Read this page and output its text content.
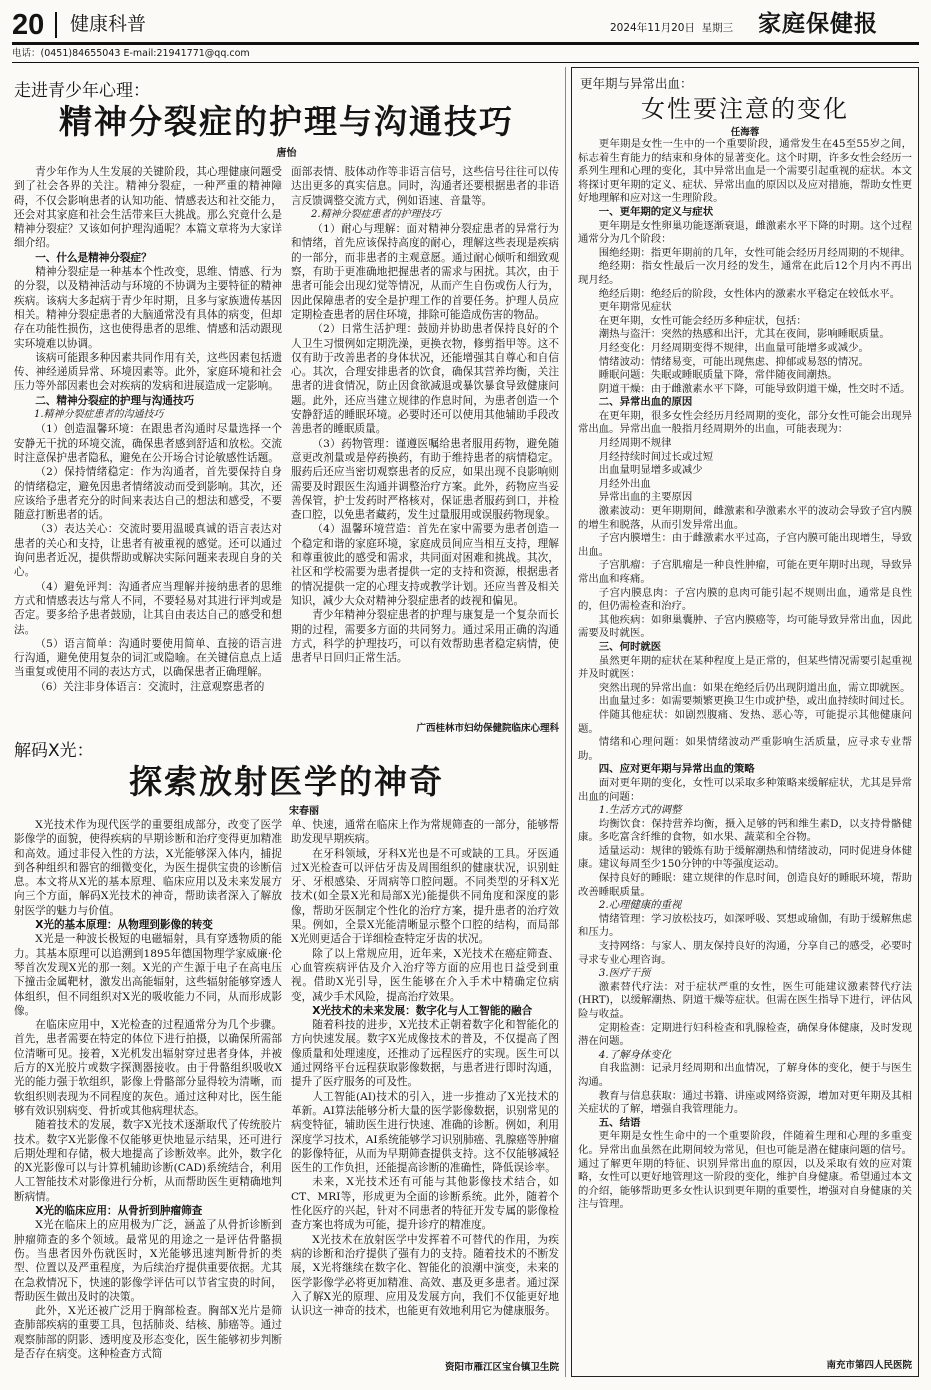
20 健康科普	2024年11月20日 星期三 家庭保健报
电话：(0451)84655043 E-mail:21941771@qq.com
走进青少年心理：
精神分裂症的护理与沟通技巧
唐怡

青少年作为人生发展的关键阶段，其心理健康问题受到了社会各界的关注。精神分裂症，一种严重的精神障碍，不仅会影响患者的认知功能、情感表达和社交能力，还会对其家庭和社会生活带来巨大挑战。那么究竟什么是精神分裂症？又该如何护理沟通呢？本篇文章将为大家详细介绍。

一、什么是精神分裂症？

精神分裂症是一种基本个性改变，思维、情感、行为的分裂，以及精神活动与环境的不协调为主要特征的精神疾病。该病大多起病于青少年时期，且多与家族遗传基因相关。精神分裂症患者的大脑通常没有具体的病变，但却存在功能性损伤，这也使得患者的思维、情感和活动跟现实环境难以协调。

该病可能跟多种因素共同作用有关，这些因素包括遗传、神经递质异常、环境因素等。此外，家庭环境和社会压力等外部因素也会对疾病的发病和进展造成一定影响。

二、精神分裂症的护理与沟通技巧

1.精神分裂症患者的沟通技巧

（1）创造温馨环境：在跟患者沟通时尽量选择一个安静无干扰的环境交流，确保患者感到舒适和放松。交流时注意保护患者隐私，避免在公开场合讨论敏感性话题。

（2）保持情绪稳定：作为沟通者，首先要保持自身的情绪稳定，避免因患者情绪波动而受到影响。其次，还应该给予患者充分的时间来表达自己的想法和感受，不要随意打断患者的话。

（3）表达关心：交流时要用温暖真诚的语言表达对患者的关心和支持，让患者有被重视的感觉。还可以通过询问患者近况，提供帮助或解决实际问题来表现自身的关心。

（4）避免评判：沟通者应当理解并接纳患者的思维方式和情感表达与常人不同，不要轻易对其进行评判或是否定。要多给予患者鼓励，让其自由表达自己的感受和想法。

（5）语言简单：沟通时要使用简单、直接的语言进行沟通，避免使用复杂的词汇或隐喻。在关键信息点上适当重复或使用不同的表达方式，以确保患者正确理解。

（6）关注非身体语言：交流时，注意观察患者的

面部表情、肢体动作等非语言信号，这些信号往往可以传达出更多的真实信息。同时，沟通者还要根据患者的非语言反馈调整交流方式，例如语速、音量等。

2.精神分裂症患者的护理技巧

（1）耐心与理解：面对精神分裂症患者的异常行为和情绪，首先应该保持高度的耐心，理解这些表现是疾病的一部分，而非患者的主观意愿。通过耐心倾听和细致观察，有助于更准确地把握患者的需求与困扰。其次，由于患者可能会出现幻觉等情况，从而产生自伤或伤人行为，因此保障患者的安全是护理工作的首要任务。护理人员应定期检查患者的居住环境，排除可能造成伤害的物品。

（2）日常生活护理：鼓励并协助患者保持良好的个人卫生习惯例如定期洗澡，更换衣物，修剪指甲等。这不仅有助于改善患者的身体状况，还能增强其自尊心和自信心。其次，合理安排患者的饮食，确保其营养均衡，关注患者的进食情况，防止因食欲减退或暴饮暴食导致健康问题。此外，还应当建立规律的作息时间，为患者创造一个安静舒适的睡眠环境。必要时还可以使用其他辅助手段改善患者的睡眠质量。

（3）药物管理：谨遵医嘱给患者服用药物，避免随意更改剂量或是停药换药，有助于维持患者的病情稳定。服药后还应当密切观察患者的反应，如果出现不良影响则需要及时跟医生沟通并调整治疗方案。此外，药物应当妥善保管，护士发药时严格核对，保证患者服药到口，并检查口腔，以免患者藏药，发生过量服用或误服药物现象。

（4）温馨环境营造：首先在家中需要为患者创造一个稳定和谐的家庭环境，家庭成员间应当相互支持，理解和尊重彼此的感受和需求，共同面对困难和挑战。其次，社区和学校需要为患者提供一定的支持和资源，根据患者的情况提供一定的心理支持或教学计划。还应当普及相关知识，减少大众对精神分裂症患者的歧视和偏见。

青少年精神分裂症患者的护理与康复是一个复杂而长期的过程，需要多方面的共同努力。通过采用正确的沟通方式，科学的护理技巧，可以有效帮助患者稳定病情，使患者早日回归正常生活。

广西桂林市妇幼保健院临床心理科
解码X光：
探索放射医学的神奇
宋春丽

X光技术作为现代医学的重要组成部分，改变了医学影像学的面貌，使得疾病的早期诊断和治疗变得更加精准和高效。通过非侵入性的方法，X光能够深入体内，捕捉到各种组织和器官的细微变化，为医生提供宝贵的诊断信息。本文将从X光的基本原理、临床应用以及未来发展方向三个方面，解码X光技术的神奇，帮助读者深入了解放射医学的魅力与价值。

X光的基本原理：从物理到影像的转变

X光是一种波长极短的电磁辐射，具有穿透物质的能力。其基本原理可以追溯到1895年德国物理学家威廉·伦琴首次发现X光的那一刻。X光的产生源于电子在高电压下撞击金属靶材，激发出高能辐射，这些辐射能够穿透人体组织，但不同组织对X光的吸收能力不同，从而形成影像。

在临床应用中，X光检查的过程通常分为几个步骤。首先，患者需要在特定的体位下进行拍摄，以确保所需部位清晰可见。接着，X光机发出辐射穿过患者身体，并被后方的X光胶片或数字探测器接收。由于骨骼组织吸收X光的能力强于软组织，影像上骨骼部分显得较为清晰，而软组织则表现为不同程度的灰色。通过这种对比，医生能够有效识别病变、骨折或其他病理状态。

随着技术的发展，数字X光技术逐渐取代了传统胶片技术。数字X光影像不仅能够更快地显示结果，还可进行后期处理和存储，极大地提高了诊断效率。此外，数字化的X光影像可以与计算机辅助诊断(CAD)系统结合，利用人工智能技术对影像进行分析，从而帮助医生更精确地判断病情。

X光的临床应用：从骨折到肿瘤筛查

X光在临床上的应用极为广泛，涵盖了从骨折诊断到肿瘤筛查的多个领域。最常见的用途之一是评估骨骼损伤。当患者因外伤就医时，X光能够迅速判断骨折的类型、位置以及严重程度，为后续治疗提供重要依据。尤其在急救情况下，快速的影像学评估可以节省宝贵的时间，帮助医生做出及时的决策。

此外，X光还被广泛用于胸部检查。胸部X光片是筛查肺部疾病的重要工具，包括肺炎、结核、肺癌等。通过观察肺部的阴影、透明度及形态变化，医生能够初步判断是否存在病变。这种检查方式简

单、快速，通常在临床上作为常规筛查的一部分，能够帮助发现早期疾病。

在牙科领域，牙科X光也是不可或缺的工具。牙医通过X光检查可以评估牙齿及周围组织的健康状况，识别蛀牙、牙根感染、牙周病等口腔问题。不同类型的牙科X光技术(如全景X光和局部X光)能提供不同角度和深度的影像，帮助牙医制定个性化的治疗方案，提升患者的治疗效果。例如，全景X光能清晰显示整个口腔的结构，而局部X光则更适合于详细检查特定牙齿的状况。

除了以上常规应用，近年来，X光技术在癌症筛查、心血管疾病评估及介入治疗等方面的应用也日益受到重视。借助X光引导，医生能够在介入手术中精确定位病变，减少手术风险，提高治疗效果。

X光技术的未来发展：数字化与人工智能的融合

随着科技的进步，X光技术正朝着数字化和智能化的方向快速发展。数字X光成像技术的普及，不仅提高了图像质量和处理速度，还推动了远程医疗的实现。医生可以通过网络平台远程获取影像数据，与患者进行即时沟通，提升了医疗服务的可及性。

人工智能(AI)技术的引入，进一步推动了X光技术的革新。AI算法能够分析大量的医学影像数据，识别常见的病变特征，辅助医生进行快速、准确的诊断。例如，利用深度学习技术，AI系统能够学习识别肺癌、乳腺癌等肿瘤的影像特征，从而为早期筛查提供支持。这不仅能够减轻医生的工作负担，还能提高诊断的准确性，降低误诊率。

未来，X光技术还有可能与其他影像技术结合，如CT、MRI等，形成更为全面的诊断系统。此外，随着个性化医疗的兴起，针对不同患者的特征开发专属的影像检查方案也将成为可能，提升诊疗的精准度。

X光技术在放射医学中发挥着不可替代的作用，为疾病的诊断和治疗提供了强有力的支持。随着技术的不断发展，X光将继续在数字化、智能化的浪潮中演变，未来的医学影像学必将更加精准、高效、惠及更多患者。通过深入了解X光的原理、应用及发展方向，我们不仅能更好地认识这一神奇的技术，也能更有效地利用它为健康服务。

资阳市雁江区宝台镇卫生院
更年期与异常出血：
女性要注意的变化
任海蓉

更年期是女性一生中的一个重要阶段，通常发生在45至55岁之间，标志着生育能力的结束和身体的显著变化。这个时期，许多女性会经历一系列生理和心理的变化，其中异常出血是一个需要引起重视的症状。本文将探讨更年期的定义、症状、异常出血的原因以及应对措施，帮助女性更好地理解和应对这一生理阶段。

一、更年期的定义与症状

更年期是女性卵巢功能逐渐衰退，雌激素水平下降的时期。这个过程通常分为几个阶段：

围绝经期：指更年期前的几年，女性可能会经历月经周期的不规律。

绝经期：指女性最后一次月经的发生，通常在此后12个月内不再出现月经。

绝经后期：绝经后的阶段，女性体内的激素水平稳定在较低水平。

更年期常见症状

在更年期，女性可能会经历多种症状，包括：

潮热与盗汗：突然的热感和出汗，尤其在夜间，影响睡眠质量。

月经变化：月经周期变得不规律，出血量可能增多或减少。

情绪波动：情绪易变，可能出现焦虑、抑郁或易怒的情况。

睡眠问题：失眠或睡眠质量下降，常伴随夜间潮热。

阴道干燥：由于雌激素水平下降，可能导致阴道干燥，性交时不适。

二、异常出血的原因

在更年期，很多女性会经历月经周期的变化，部分女性可能会出现异常出血。异常出血一般指月经周期外的出血，可能表现为：

月经周期不规律

月经持续时间过长或过短

出血量明显增多或减少

月经外出血

异常出血的主要原因

激素波动：更年期期间，雌激素和孕激素水平的波动会导致子宫内膜的增生和脱落，从而引发异常出血。

子宫内膜增生：由于雌激素水平过高，子宫内膜可能出现增生，导致出血。

子宫肌瘤：子宫肌瘤是一种良性肿瘤，可能在更年期时出现，导致异常出血和疼痛。

子宫内膜息肉：子宫内膜的息肉可能引起不规则出血，通常是良性的，但仍需检查和治疗。

其他疾病：如卵巢囊肿、子宫内膜癌等，均可能导致异常出血，因此需要及时就医。

三、何时就医

虽然更年期的症状在某种程度上是正常的，但某些情况需要引起重视并及时就医：

突然出现的异常出血：如果在绝经后仍出现阴道出血，需立即就医。

出血量过多：如需要频繁更换卫生巾或护垫，或出血持续时间过长。

伴随其他症状：如剧烈腹痛、发热、恶心等，可能提示其他健康问题。

情绪和心理问题：如果情绪波动严重影响生活质量，应寻求专业帮助。

四、应对更年期与异常出血的策略

面对更年期的变化，女性可以采取多种策略来缓解症状，尤其是异常出血的问题：

1.生活方式的调整

均衡饮食：保持营养均衡，摄入足够的钙和维生素D，以支持骨骼健康。多吃富含纤维的食物，如水果、蔬菜和全谷物。

适量运动：规律的锻炼有助于缓解潮热和情绪波动，同时促进身体健康。建议每周至少150分钟的中等强度运动。

保持良好的睡眠：建立规律的作息时间，创造良好的睡眠环境，帮助改善睡眠质量。

2.心理健康的重视

情绪管理：学习放松技巧，如深呼吸、冥想或瑜伽，有助于缓解焦虑和压力。

支持网络：与家人、朋友保持良好的沟通，分享自己的感受，必要时寻求专业心理咨询。

3.医疗干预

激素替代疗法：对于症状严重的女性，医生可能建议激素替代疗法(HRT)，以缓解潮热、阴道干燥等症状。但需在医生指导下进行，评估风险与收益。

定期检查：定期进行妇科检查和乳腺检查，确保身体健康，及时发现潜在问题。

4.了解身体变化

自我监测：记录月经周期和出血情况，了解身体的变化，便于与医生沟通。

教育与信息获取：通过书籍、讲座或网络资源，增加对更年期及其相关症状的了解，增强自我管理能力。

五、结语

更年期是女性生命中的一个重要阶段，伴随着生理和心理的多重变化。异常出血虽然在此期间较为常见，但也可能是潜在健康问题的信号。通过了解更年期的特征、识别异常出血的原因，以及采取有效的应对策略，女性可以更好地管理这一阶段的变化，维护自身健康。希望通过本文的介绍，能够帮助更多女性认识到更年期的重要性，增强对自身健康的关注与管理。

南充市第四人民医院
